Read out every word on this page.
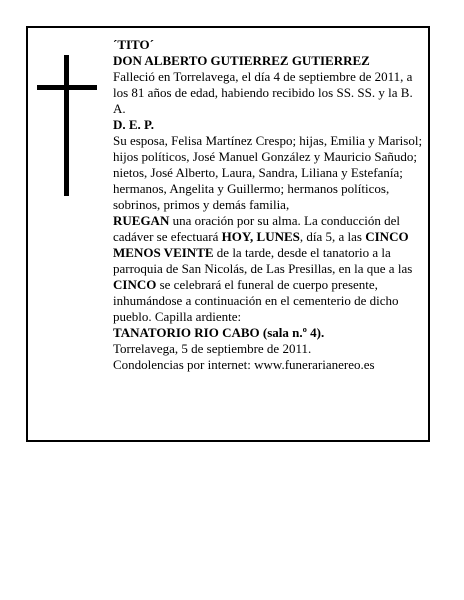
´TITO´

DON ALBERTO GUTIERREZ GUTIERREZ

Falleció en Torrelavega, el día 4 de septiembre de 2011, a los 81 años de edad, habiendo recibido los SS. SS. y la B. A.

D. E. P.

Su esposa, Felisa Martínez Crespo; hijas, Emilia y Marisol; hijos políticos, José Manuel González y Mauricio Sañudo; nietos, José Alberto, Laura, Sandra, Liliana y Estefanía; hermanos, Angelita y Guillermo; hermanos políticos, sobrinos, primos y demás familia,
RUEGAN una oración por su alma. La conducción del cadáver se efectuará HOY, LUNES, día 5, a las CINCO MENOS VEINTE de la tarde, desde el tanatorio a la parroquia de San Nicolás, de Las Presillas, en la que a las CINCO se celebrará el funeral de cuerpo presente, inhumándose a continuación en el cementerio de dicho pueblo. Capilla ardiente:

TANATORIO RIO CABO (sala n.º 4).

Torrelavega, 5 de septiembre de 2011.

Condolencias por internet: www.funerarianereo.es
